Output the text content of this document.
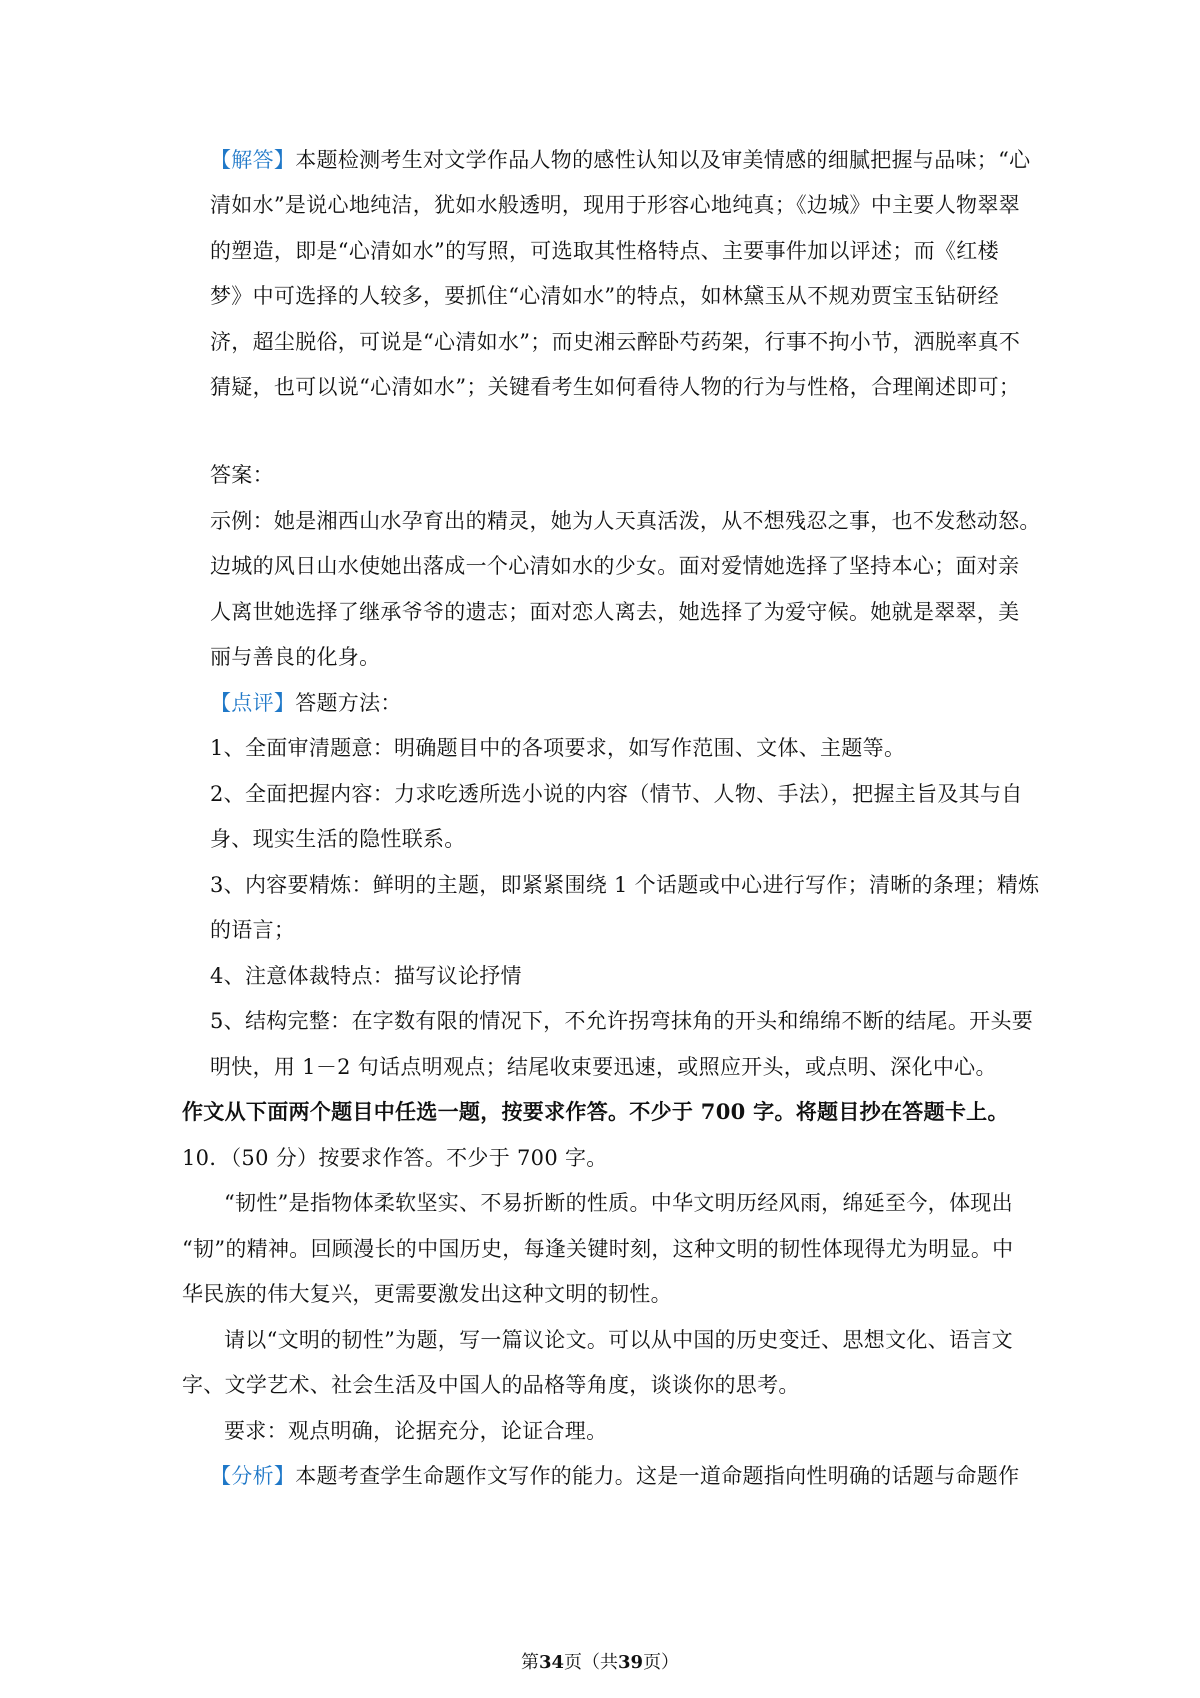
【解答】本题检测考生对文学作品人物的感性认知以及审美情感的细腻把握与品味；“心
清如水”是说心地纯洁，犹如水般透明，现用于形容心地纯真；《边城》中主要人物翠翠
的塑造，即是“心清如水”的写照，可选取其性格特点、主要事件加以评述；而《红楼
梦》中可选择的人较多，要抓住“心清如水”的特点，如林黛玉从不规劝贾宝玉钻研经
济，超尘脱俗，可说是“心清如水”；而史湘云醉卧芍药架，行事不拘小节，洒脱率真不
猜疑，也可以说“心清如水”；关键看考生如何看待人物的行为与性格，合理阐述即可；
答案：
示例：她是湘西山水孕育出的精灵，她为人天真活泼，从不想残忍之事，也不发愁动怒。
边城的风日山水使她出落成一个心清如水的少女。面对爱情她选择了坚持本心；面对亲
人离世她选择了继承爷爷的遗志；面对恋人离去，她选择了为爱守候。她就是翠翠，美
丽与善良的化身。
【点评】答题方法：
1、全面审清题意：明确题目中的各项要求，如写作范围、文体、主题等。
2、全面把握内容：力求吃透所选小说的内容（情节、人物、手法），把握主旨及其与自
身、现实生活的隐性联系。
3、内容要精炼：鲜明的主题，即紧紧围绕 1 个话题或中心进行写作；清晰的条理；精炼
的语言；
4、注意体裁特点：描写议论抒情
5、结构完整：在字数有限的情况下，不允许拐弯抹角的开头和绵绵不断的结尾。开头要
明快，用 1－2 句话点明观点；结尾收束要迅速，或照应开头，或点明、深化中心。
作文从下面两个题目中任选一题，按要求作答。不少于 700 字。将题目抄在答题卡上。
10．（50 分）按要求作答。不少于 700 字。
“韧性”是指物体柔软坚实、不易折断的性质。中华文明历经风雨，绵延至今，体现出
“韧”的精神。回顾漫长的中国历史，每逢关键时刻，这种文明的韧性体现得尤为明显。中
华民族的伟大复兴，更需要激发出这种文明的韧性。
请以“文明的韧性”为题，写一篇议论文。可以从中国的历史变迁、思想文化、语言文
字、文学艺术、社会生活及中国人的品格等角度，谈谈你的思考。
要求：观点明确，论据充分，论证合理。
【分析】本题考查学生命题作文写作的能力。这是一道命题指向性明确的话题与命题作
第34页（共39页）
